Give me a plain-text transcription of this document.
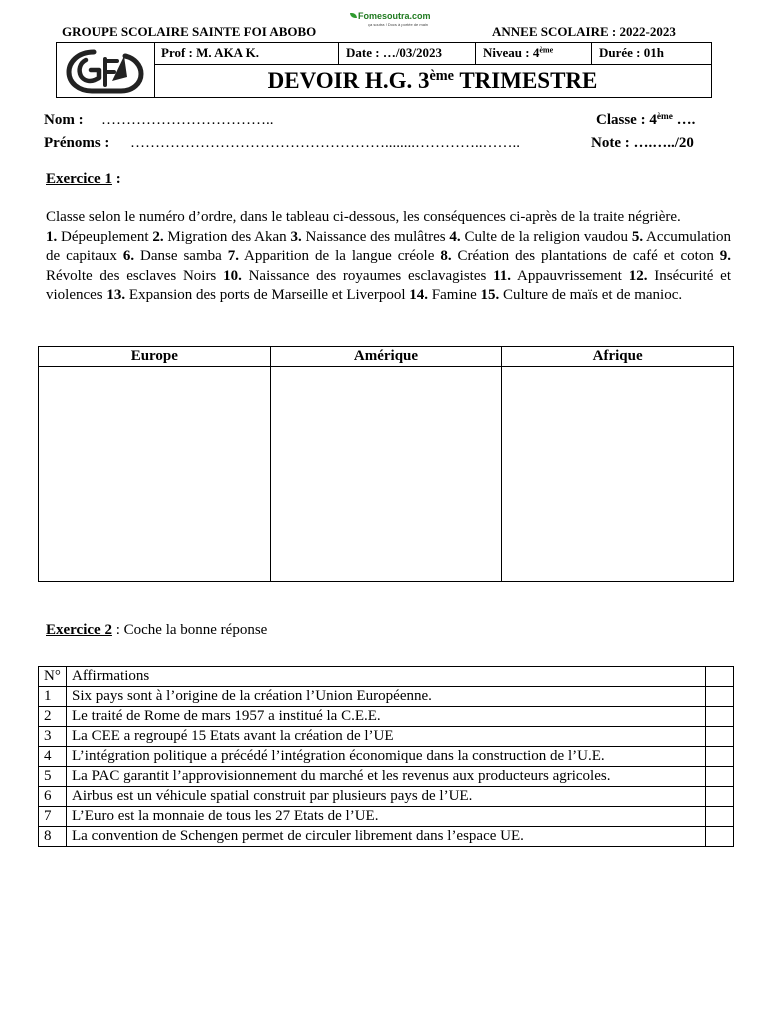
GROUPE SCOLAIRE SAINTE FOI ABOBO
Fomesoutra.com
ça soutra ! Docs à portée de main	ANNEE SCOLAIRE : 2022-2023
Prof : M. AKA K.	Date : …/03/2023	Niveau : 4ème	Durée : 01h
DEVOIR H.G. 3ème TRIMESTRE
Nom : ……………………………..	Classe : 4ème ….
Prénoms : ……………………………………………........…………..……..	Note : ….…../20
Exercice 1 :

Classe selon le numéro d’ordre, dans le tableau ci-dessous, les conséquences ci-après de la traite négrière.

1. Dépeuplement 2. Migration des Akan 3. Naissance des mulâtres 4. Culte de la religion vaudou 5. Accumulation de capitaux 6. Danse samba 7. Apparition de la langue créole 8. Création des plantations de café et coton 9. Révolte des esclaves Noirs 10. Naissance des royaumes esclavagistes 11. Appauvrissement 12. Insécurité et violences 13. Expansion des ports de Marseille et Liverpool 14. Famine 15. Culture de maïs et de manioc.

Europe	Amérique	Afrique

Exercice 2 : Coche la bonne réponse
N°	Affirmations	
1	Six pays sont à l’origine de la création l’Union Européenne.	
2	Le traité de Rome de mars 1957 a institué la C.E.E.	
3	La CEE a regroupé 15 Etats avant la création de l’UE	
4	L’intégration politique a précédé l’intégration économique dans la construction de l’U.E.	
5	La PAC garantit l’approvisionnement du marché et les revenus aux producteurs agricoles.	
6	Airbus est un véhicule spatial construit par plusieurs pays de l’UE.	
7	L’Euro est la monnaie de tous les 27 Etats de l’UE.	
8	La convention de Schengen permet de circuler librement dans l’espace UE.	
